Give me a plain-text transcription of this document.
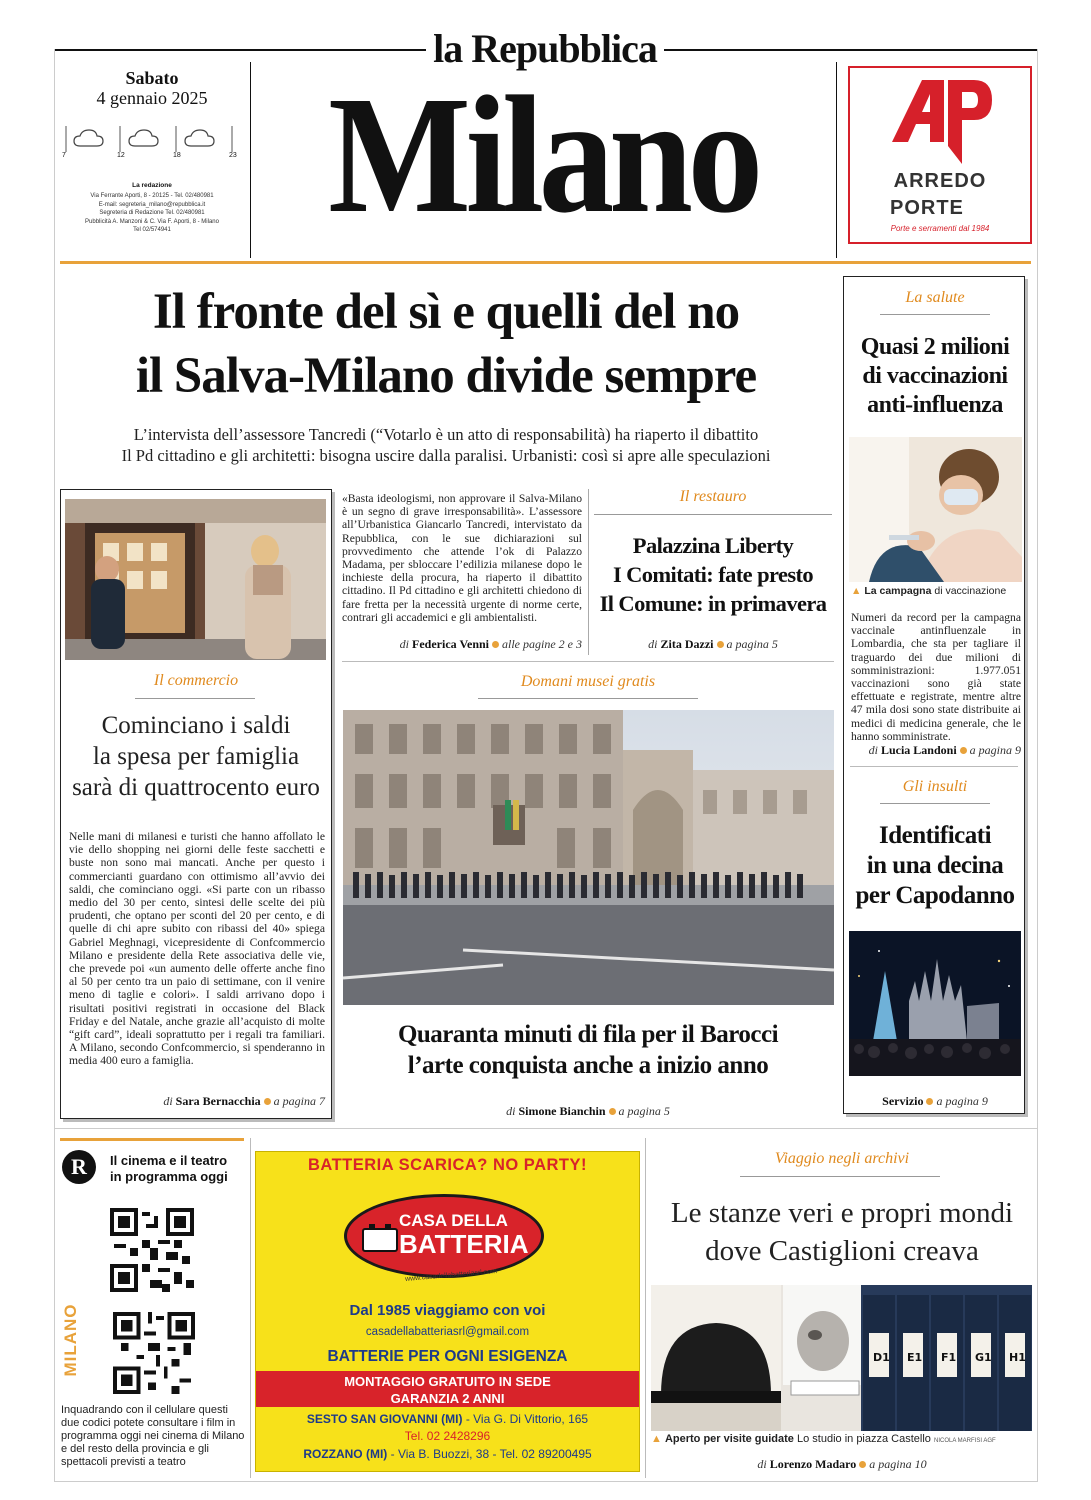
la Repubblica
Sabato
4 gennaio 2025
7	12	18	23
La redazione
Via Ferrante Aporti, 8 - 20125 - Tel. 02/480981
E-mail: segreteria_milano@repubblica.it
Segreteria di Redazione Tel. 02/480981
Pubblicità A. Manzoni & C. Via F. Aporti, 8 - Milano
Tel 02/574941 Milano	ARREDO
PORTE
Porte e serramenti dal 1984
Il fronte del sì e quelli del no
il Salva-Milano divide sempre
L’intervista dell’assessore Tancredi (“Votarlo è un atto di responsabilità) ha riaperto il dibattito
Il Pd cittadino e gli architetti: bisogna uscire dalla paralisi. Urbanisti: così si apre alle speculazioni
La salute
Quasi 2 milioni
di vaccinazioni
anti-influenza
▲ La campagna di vaccinazione
Numeri da record per la campagna vaccinale antinfluenzale in Lombardia, che sta per tagliare il traguardo dei due milioni di somministrazioni: 1.977.051 vaccinazioni sono già state effettuate e registrate, mentre altre 47 mila dosi sono state distribuite ai medici di medicina generale, che le hanno somministrate.
di Lucia Landoni a pagina 9
Gli insulti
Identificati
in una decina
per Capodanno
Servizio a pagina 9
Il commercio
Cominciano i saldi
la spesa per famiglia
sarà di quattrocento euro
Nelle mani di milanesi e turisti che hanno affollato le vie dello shopping nei giorni delle feste sacchetti e buste non sono mai mancati. Anche per questo i commercianti guardano con ottimismo all’avvio dei saldi, che cominciano oggi. «Si parte con un ribasso medio del 30 per cento, sintesi delle scelte dei più prudenti, che optano per sconti del 20 per cento, e di quelle di chi apre subito con ribassi del 40» spiega Gabriel Meghnagi, vicepresidente di Confcommercio Milano e presidente della Rete associativa delle vie, che prevede poi «un aumento delle offerte anche fino al 50 per cento tra un paio di settimane, con il venire meno di taglie e colori». I saldi arrivano dopo i risultati positivi registrati in occasione del Black Friday e del Natale, anche grazie all’acquisto di molte “gift card”, ideali soprattutto per i regali tra familiari. A Milano, secondo Confcommercio, si spenderanno in media 400 euro a famiglia.
di Sara Bernacchia a pagina 7
«Basta ideologismi, non approvare il Salva-Milano è un segno di grave irresponsabilità». L’assessore all’Urbanistica Giancarlo Tancredi, intervistato da Repubblica, con le sue dichiarazioni sul provvedimento che attende l’ok di Palazzo Madama, per sbloccare l’edilizia milanese dopo le inchieste della procura, ha riaperto il dibattito cittadino. Il Pd cittadino e gli architetti chiedono di fare fretta per la necessità urgente di norme certe, contrari gli accademici e gli ambientalisti.
di Federica Venni alle pagine 2 e 3
Il restauro
Palazzina Liberty
I Comitati: fate presto
Il Comune: in primavera
di Zita Dazzi a pagina 5
Domani musei gratis
Quaranta minuti di fila per il Barocci
l’arte conquista anche a inizio anno
di Simone Bianchin a pagina 5
R	Il cinema e il teatro
in programma oggi
MILANO
Inquadrando con il cellulare questi due codici potete consultare i film in programma oggi nei cinema di Milano e del resto della provincia e gli spettacoli previsti a teatro
BATTERIA SCARICA? NO PARTY!
CASA DELLA
BATTERIA
www.casadellabatteriasrl.com
Dal 1985 viaggiamo con voi
casadellabatteriasrl@gmail.com
BATTERIE PER OGNI ESIGENZA
MONTAGGIO GRATUITO IN SEDE
GARANZIA 2 ANNI
SESTO SAN GIOVANNI (MI) - Via G. Di Vittorio, 165
Tel. 02 2428296
ROZZANO (MI) - Via B. Buozzi, 38 - Tel. 02 89200495
Viaggio negli archivi
Le stanze veri e propri mondi
dove Castiglioni creava
D1 E1 F1 G1 H1
▲ Aperto per visite guidate Lo studio in piazza Castello NICOLA MARFISI AGF
di Lorenzo Madaro a pagina 10
